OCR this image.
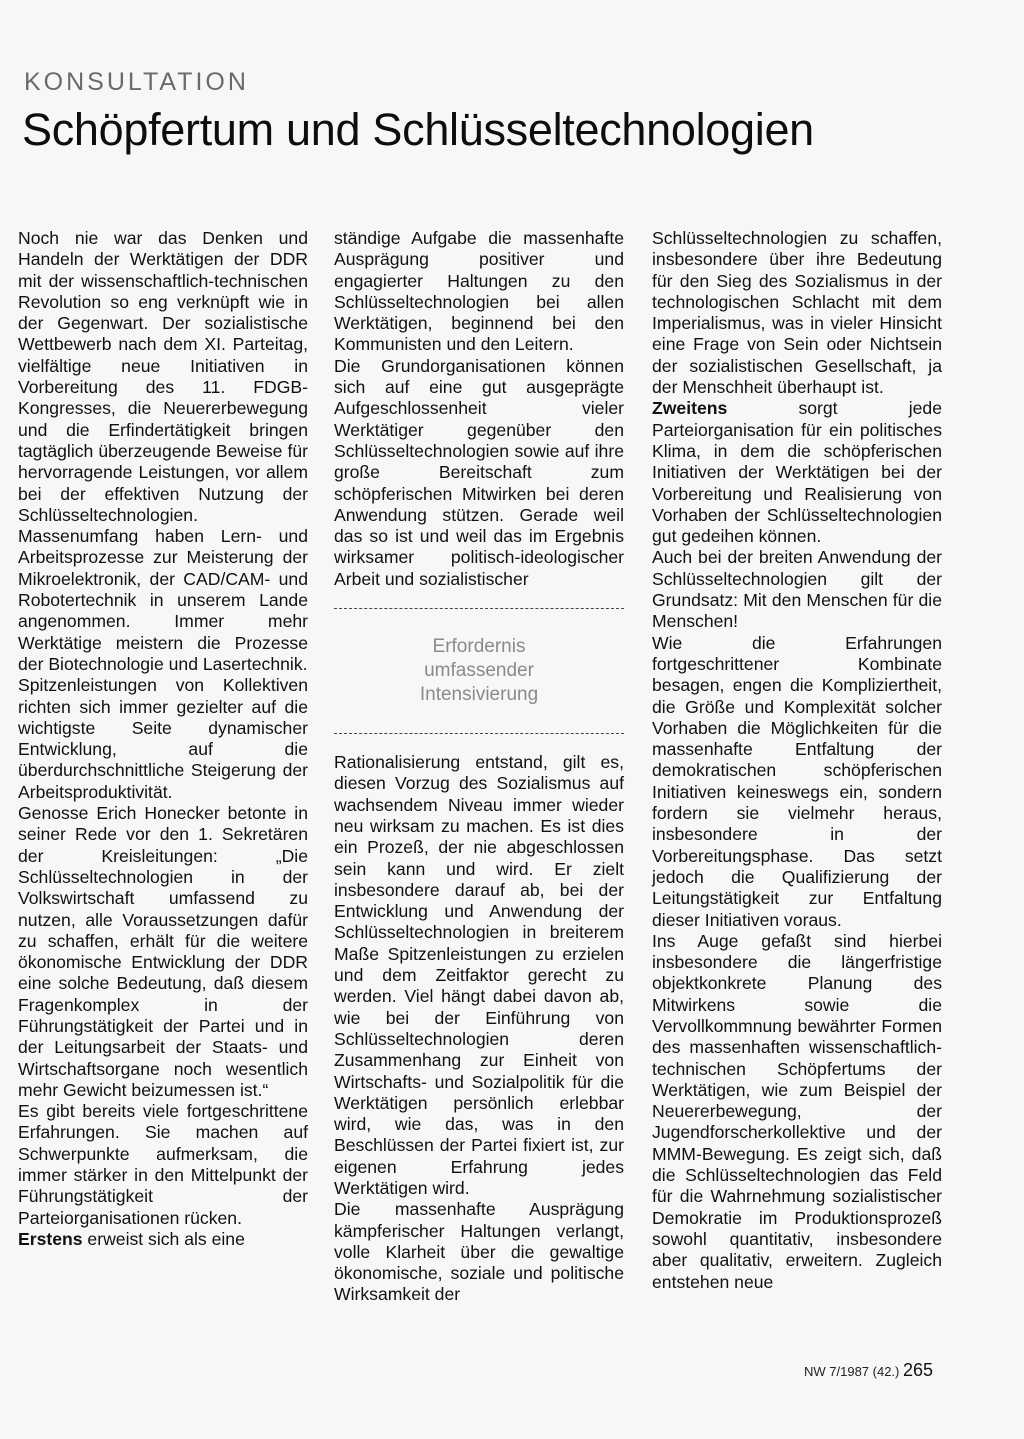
KONSULTATION
Schöpfertum und Schlüsseltechnologien

Noch nie war das Denken und Handeln der Werktätigen der DDR mit der wissenschaftlich-technischen Revolution so eng verknüpft wie in der Gegenwart. Der sozialistische Wettbewerb nach dem XI. Parteitag, vielfältige neue Initiativen in Vorbereitung des 11. FDGB-Kongresses, die Neuererbewegung und die Erfindertätigkeit bringen tagtäglich überzeugende Beweise für hervorragende Leistungen, vor allem bei der effektiven Nutzung der Schlüsseltechnologien. Massenumfang haben Lern- und Arbeitsprozesse zur Meisterung der Mikroelektronik, der CAD/CAM- und Robotertechnik in unserem Lande angenommen. Immer mehr Werktätige meistern die Prozesse der Biotechnologie und Lasertechnik.

Spitzenleistungen von Kollektiven richten sich immer gezielter auf die wichtigste Seite dynamischer Entwicklung, auf die überdurchschnittliche Steigerung der Arbeitsproduktivität.

Genosse Erich Honecker betonte in seiner Rede vor den 1. Sekretären der Kreisleitungen: „Die Schlüsseltechnologien in der Volkswirtschaft umfassend zu nutzen, alle Voraussetzungen dafür zu schaffen, erhält für die weitere ökonomische Entwicklung der DDR eine solche Bedeutung, daß diesem Fragenkomplex in der Führungstätigkeit der Partei und in der Leitungsarbeit der Staats- und Wirtschaftsorgane noch wesentlich mehr Gewicht beizumessen ist.“

Es gibt bereits viele fortgeschrittene Erfahrungen. Sie machen auf Schwerpunkte aufmerksam, die immer stärker in den Mittelpunkt der Führungstätigkeit der Parteiorganisationen rücken.

Erstens erweist sich als eine

ständige Aufgabe die massenhafte Ausprägung positiver und engagierter Haltungen zu den Schlüsseltechnologien bei allen Werktätigen, beginnend bei den Kommunisten und den Leitern.

Die Grundorganisationen können sich auf eine gut ausgeprägte Aufgeschlossenheit vieler Werktätiger gegenüber den Schlüsseltechnologien sowie auf ihre große Bereitschaft zum schöpferischen Mitwirken bei deren Anwendung stützen. Gerade weil das so ist und weil das im Ergebnis wirksamer politisch-ideologischer Arbeit und sozialistischer

Erfordernis
umfassender
Intensivierung

Rationalisierung entstand, gilt es, diesen Vorzug des Sozialismus auf wachsendem Niveau immer wieder neu wirksam zu machen. Es ist dies ein Prozeß, der nie abgeschlossen sein kann und wird. Er zielt insbesondere darauf ab, bei der Entwicklung und Anwendung der Schlüsseltechnologien in breiterem Maße Spitzenleistungen zu erzielen und dem Zeitfaktor gerecht zu werden. Viel hängt dabei davon ab, wie bei der Einführung von Schlüsseltechnologien deren Zusammenhang zur Einheit von Wirtschafts- und Sozialpolitik für die Werktätigen persönlich erlebbar wird, wie das, was in den Beschlüssen der Partei fixiert ist, zur eigenen Erfahrung jedes Werktätigen wird.

Die massenhafte Ausprägung kämpferischer Haltungen verlangt, volle Klarheit über die gewaltige ökonomische, soziale und politische Wirksamkeit der

Schlüsseltechnologien zu schaffen, insbesondere über ihre Bedeutung für den Sieg des Sozialismus in der technologischen Schlacht mit dem Imperialismus, was in vieler Hinsicht eine Frage von Sein oder Nichtsein der sozialistischen Gesellschaft, ja der Menschheit überhaupt ist.

Zweitens sorgt jede Parteiorganisation für ein politisches Klima, in dem die schöpferischen Initiativen der Werktätigen bei der Vorbereitung und Realisierung von Vorhaben der Schlüsseltechnologien gut gedeihen können.

Auch bei der breiten Anwendung der Schlüsseltechnologien gilt der Grundsatz: Mit den Menschen für die Menschen!

Wie die Erfahrungen fortgeschrittener Kombinate besagen, engen die Kompliziertheit, die Größe und Komplexität solcher Vorhaben die Möglichkeiten für die massenhafte Entfaltung der demokratischen schöpferischen Initiativen keineswegs ein, sondern fordern sie vielmehr heraus, insbesondere in der Vorbereitungsphase. Das setzt jedoch die Qualifizierung der Leitungstätigkeit zur Entfaltung dieser Initiativen voraus.

Ins Auge gefaßt sind hierbei insbesondere die längerfristige objektkonkrete Planung des Mitwirkens sowie die Vervollkommnung bewährter Formen des massenhaften wissenschaftlich-technischen Schöpfertums der Werktätigen, wie zum Beispiel der Neuererbewegung, der Jugendforscherkollektive und der MMM-Bewegung. Es zeigt sich, daß die Schlüsseltechnologien das Feld für die Wahrnehmung sozialistischer Demokratie im Produktionsprozeß sowohl quantitativ, insbesondere aber qualitativ, erweitern. Zugleich entstehen neue

NW 7/1987 (42.) 265
